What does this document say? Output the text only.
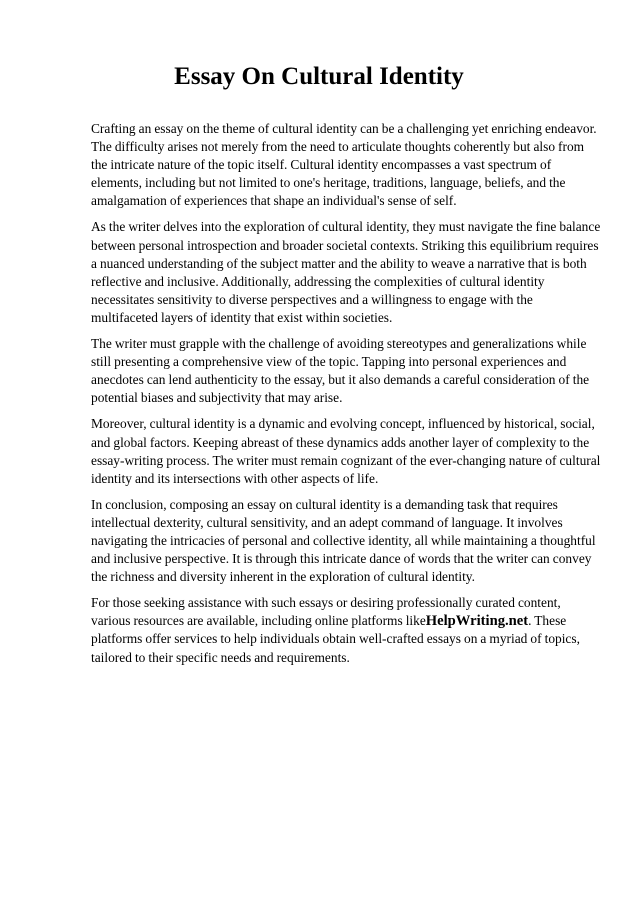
Essay On Cultural Identity

Crafting an essay on the theme of cultural identity can be a challenging yet enriching endeavor. The difficulty arises not merely from the need to articulate thoughts coherently but also from the intricate nature of the topic itself. Cultural identity encompasses a vast spectrum of elements, including but not limited to one's heritage, traditions, language, beliefs, and the amalgamation of experiences that shape an individual's sense of self.

As the writer delves into the exploration of cultural identity, they must navigate the fine balance between personal introspection and broader societal contexts. Striking this equilibrium requires a nuanced understanding of the subject matter and the ability to weave a narrative that is both reflective and inclusive. Additionally, addressing the complexities of cultural identity necessitates sensitivity to diverse perspectives and a willingness to engage with the multifaceted layers of identity that exist within societies.

The writer must grapple with the challenge of avoiding stereotypes and generalizations while still presenting a comprehensive view of the topic. Tapping into personal experiences and anecdotes can lend authenticity to the essay, but it also demands a careful consideration of the potential biases and subjectivity that may arise.

Moreover, cultural identity is a dynamic and evolving concept, influenced by historical, social, and global factors. Keeping abreast of these dynamics adds another layer of complexity to the essay-writing process. The writer must remain cognizant of the ever-changing nature of cultural identity and its intersections with other aspects of life.

In conclusion, composing an essay on cultural identity is a demanding task that requires intellectual dexterity, cultural sensitivity, and an adept command of language. It involves navigating the intricacies of personal and collective identity, all while maintaining a thoughtful and inclusive perspective. It is through this intricate dance of words that the writer can convey the richness and diversity inherent in the exploration of cultural identity.

For those seeking assistance with such essays or desiring professionally curated content, various resources are available, including online platforms likeHelpWriting.net. These platforms offer services to help individuals obtain well-crafted essays on a myriad of topics, tailored to their specific needs and requirements.
